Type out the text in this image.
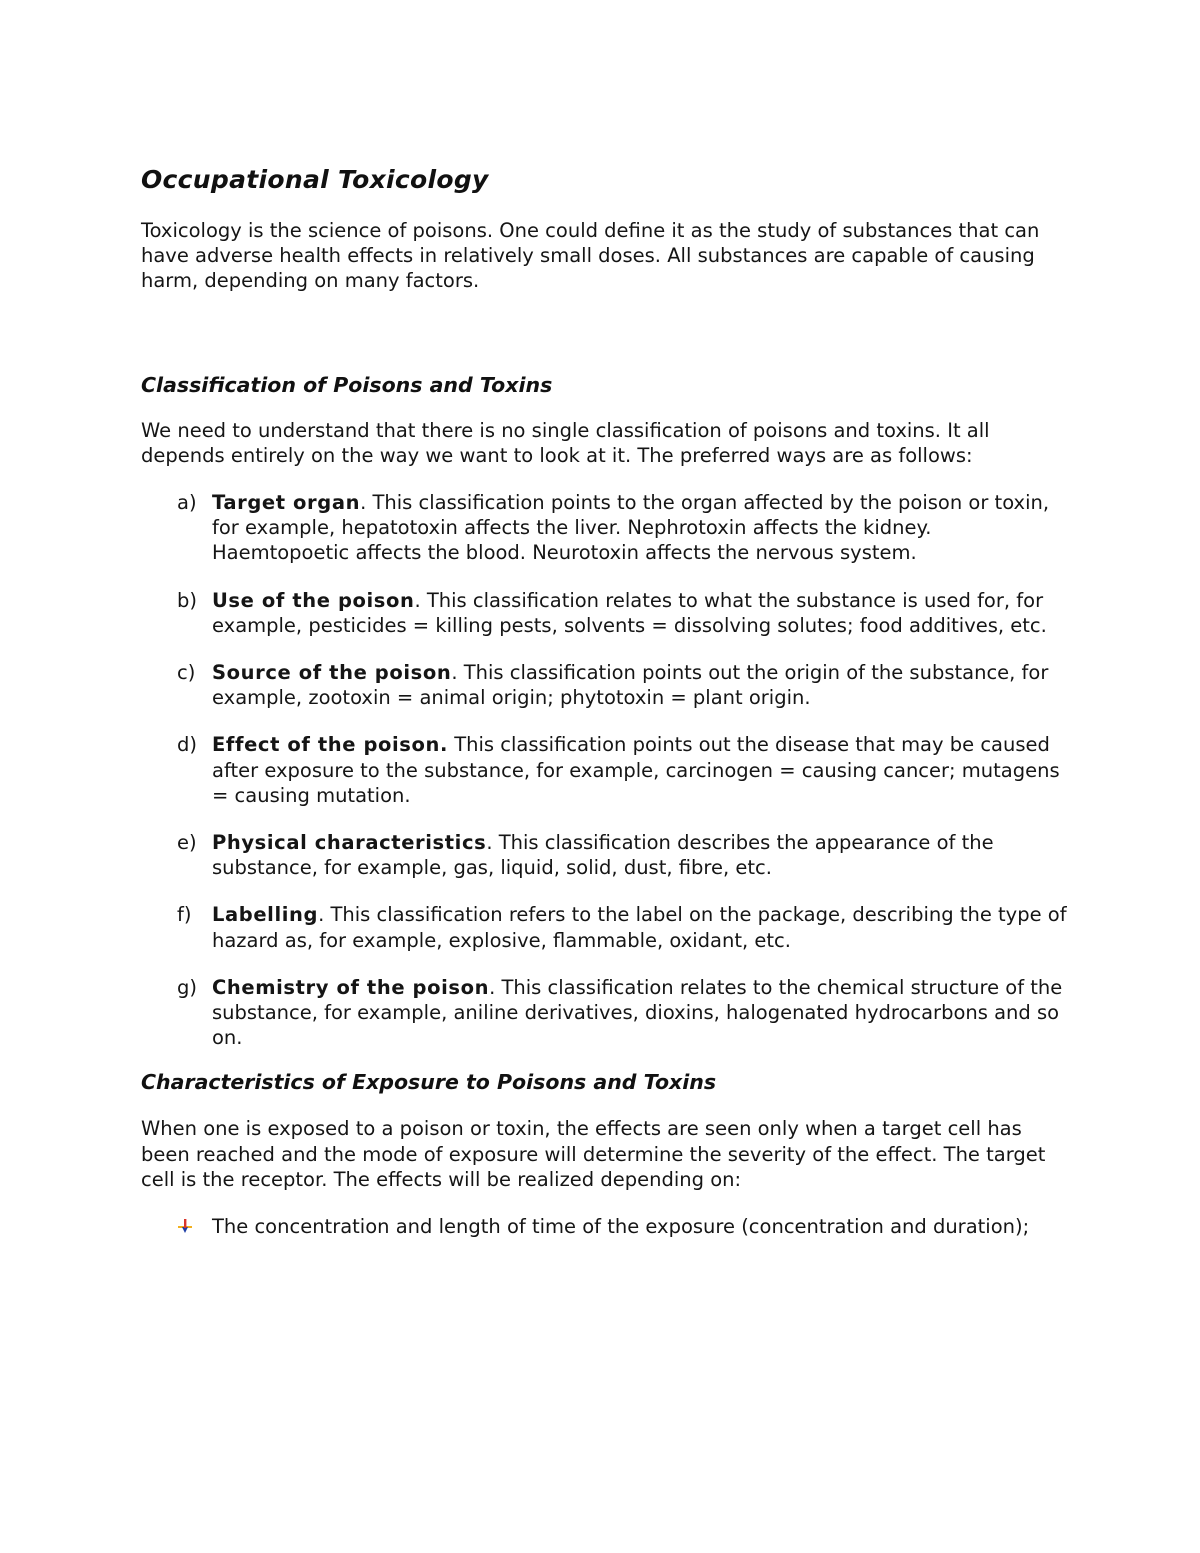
Occupational Toxicology

Toxicology is the science of poisons. One could define it as the study of substances that can have adverse health effects in relatively small doses. All substances are capable of causing harm, depending on many factors.

Classification of Poisons and Toxins

We need to understand that there is no single classification of poisons and toxins. It all depends entirely on the way we want to look at it. The preferred ways are as follows:

a) Target organ. This classification points to the organ affected by the poison or toxin, for example, hepatotoxin affects the liver. Nephrotoxin affects the kidney. Haemtopoetic affects the blood. Neurotoxin affects the nervous system.
b) Use of the poison. This classification relates to what the substance is used for, for example, pesticides = killing pests, solvents = dissolving solutes; food additives, etc.
c) Source of the poison. This classification points out the origin of the substance, for example, zootoxin = animal origin; phytotoxin = plant origin.
d) Effect of the poison. This classification points out the disease that may be caused after exposure to the substance, for example, carcinogen = causing cancer; mutagens = causing mutation.
e) Physical characteristics. This classification describes the appearance of the substance, for example, gas, liquid, solid, dust, fibre, etc.
f) Labelling. This classification refers to the label on the package, describing the type of hazard as, for example, explosive, flammable, oxidant, etc.
g) Chemistry of the poison. This classification relates to the chemical structure of the substance, for example, aniline derivatives, dioxins, halogenated hydrocarbons and so on.
Characteristics of Exposure to Poisons and Toxins

When one is exposed to a poison or toxin, the effects are seen only when a target cell has been reached and the mode of exposure will determine the severity of the effect. The target cell is the receptor. The effects will be realized depending on:

The concentration and length of time of the exposure (concentration and duration);
